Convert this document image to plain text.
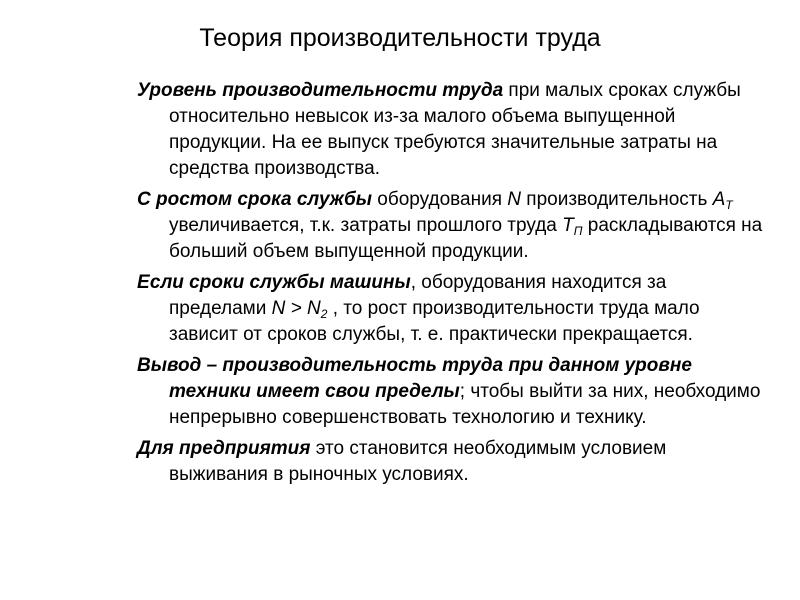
Теория производительности труда

Уровень производительности труда при малых сроках службы относительно невысок из-за малого объема выпущенной продукции. На ее выпуск требуются значительные затраты на средства производства.

С ростом срока службы оборудования N производительность $А_Т$ увеличивается, т.к. затраты прошлого труда $Т_П$ раскладываются на больший объем выпущенной продукции.

Если сроки службы машины, оборудования находится за пределами $N > N_2$ , то рост производительности труда мало зависит от сроков службы, т. е. практически прекращается.

Вывод – производительность труда при данном уровне техники имеет свои пределы; чтобы выйти за них, необходимо непрерывно совершенствовать технологию и технику.

Для предприятия это становится необходимым условием выживания в рыночных условиях.
